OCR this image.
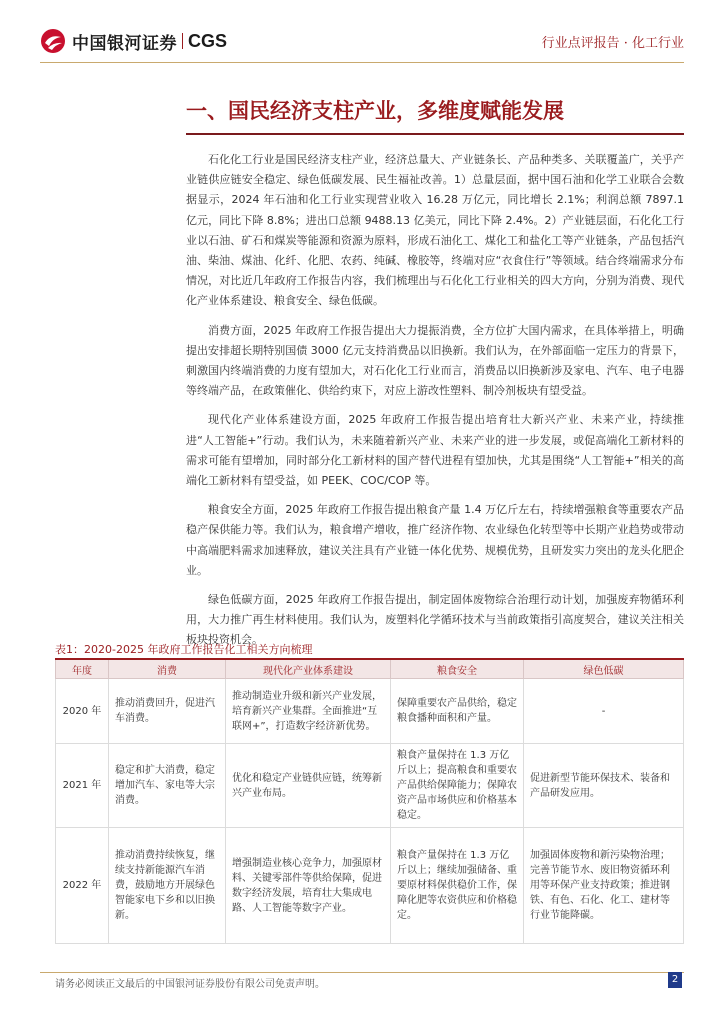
中国银河证券 CGS	行业点评报告 · 化工行业
一、国民经济支柱产业，多维度赋能发展

石化化工行业是国民经济支柱产业，经济总量大、产业链条长、产品种类多、关联覆盖广，关乎产业链供应链安全稳定、绿色低碳发展、民生福祉改善。1）总量层面，据中国石油和化学工业联合会数据显示，2024 年石油和化工行业实现营业收入 16.28 万亿元，同比增长 2.1%；利润总额 7897.1 亿元，同比下降 8.8%；进出口总额 9488.13 亿美元，同比下降 2.4%。2）产业链层面，石化化工行业以石油、矿石和煤炭等能源和资源为原料，形成石油化工、煤化工和盐化工等产业链条，产品包括汽油、柴油、煤油、化纤、化肥、农药、纯碱、橡胶等，终端对应“衣食住行”等领域。结合终端需求分布情况，对比近几年政府工作报告内容，我们梳理出与石化化工行业相关的四大方向，分别为消费、现代化产业体系建设、粮食安全、绿色低碳。

消费方面，2025 年政府工作报告提出大力提振消费，全方位扩大国内需求，在具体举措上，明确提出安排超长期特别国债 3000 亿元支持消费品以旧换新。我们认为，在外部面临一定压力的背景下，刺激国内终端消费的力度有望加大，对石化化工行业而言，消费品以旧换新涉及家电、汽车、电子电器等终端产品，在政策催化、供给约束下，对应上游改性塑料、制冷剂板块有望受益。

现代化产业体系建设方面，2025 年政府工作报告提出培育壮大新兴产业、未来产业，持续推进“人工智能+”行动。我们认为，未来随着新兴产业、未来产业的进一步发展，或促高端化工新材料的需求可能有望增加，同时部分化工新材料的国产替代进程有望加快，尤其是围绕“人工智能+”相关的高端化工新材料有望受益，如 PEEK、COC/COP 等。

粮食安全方面，2025 年政府工作报告提出粮食产量 1.4 万亿斤左右，持续增强粮食等重要农产品稳产保供能力等。我们认为，粮食增产增收，推广经济作物、农业绿色化转型等中长期产业趋势或带动中高端肥料需求加速释放，建议关注具有产业链一体化优势、规模优势，且研发实力突出的龙头化肥企业。

绿色低碳方面，2025 年政府工作报告提出，制定固体废物综合治理行动计划，加强废弃物循环利用，大力推广再生材料使用。我们认为，废塑料化学循环技术与当前政策指引高度契合，建议关注相关板块投资机会。

表1：2020-2025 年政府工作报告化工相关方向梳理
年度	消费	现代化产业体系建设	粮食安全	绿色低碳
2020 年	推动消费回升，促进汽车消费。	推动制造业升级和新兴产业发展，培育新兴产业集群。全面推进“互联网+”，打造数字经济新优势。	保障重要农产品供给，稳定粮食播种面积和产量。	-
2021 年	稳定和扩大消费，稳定增加汽车、家电等大宗消费。	优化和稳定产业链供应链，统筹新兴产业布局。	粮食产量保持在 1.3 万亿斤以上；提高粮食和重要农产品供给保障能力；保障农资产品市场供应和价格基本稳定。	促进新型节能环保技术、装备和产品研发应用。
2022 年	推动消费持续恢复，继续支持新能源汽车消费，鼓励地方开展绿色智能家电下乡和以旧换新。	增强制造业核心竞争力，加强原材料、关键零部件等供给保障，促进数字经济发展，培育壮大集成电路、人工智能等数字产业。	粮食产量保持在 1.3 万亿斤以上；继续加强储备、重要原材料保供稳价工作，保障化肥等农资供应和价格稳定。	加强固体废物和新污染物治理；完善节能节水、废旧物资循环利用等环保产业支持政策；推进钢铁、有色、石化、化工、建材等行业节能降碳。
请务必阅读正文最后的中国银河证券股份有限公司免责声明。	2
